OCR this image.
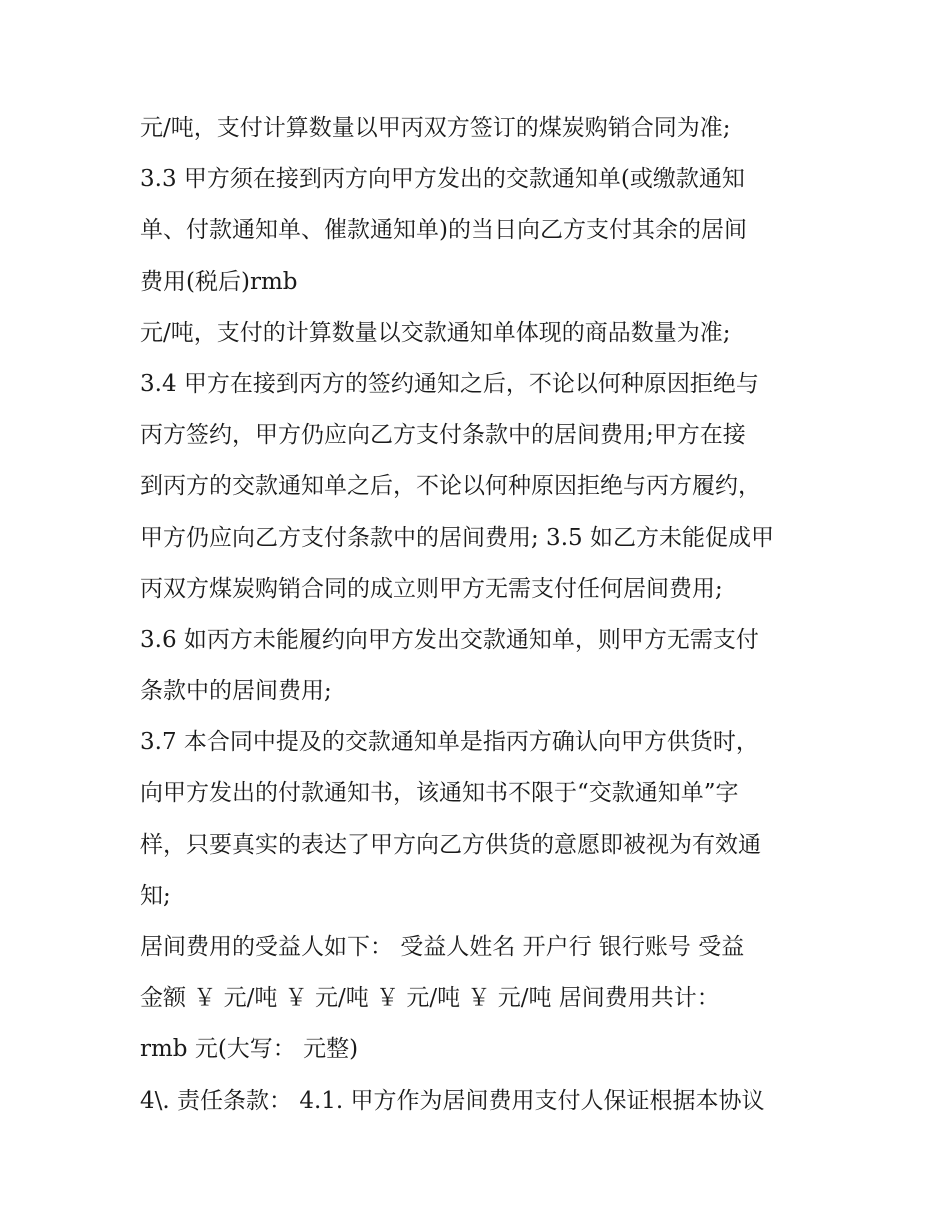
元/吨，支付计算数量以甲丙双方签订的煤炭购销合同为准;
3.3 甲方须在接到丙方向甲方发出的交款通知单(或缴款通知
单、付款通知单、催款通知单)的当日向乙方支付其余的居间
费用(税后)rmb
元/吨，支付的计算数量以交款通知单体现的商品数量为准;
3.4 甲方在接到丙方的签约通知之后，不论以何种原因拒绝与
丙方签约，甲方仍应向乙方支付条款中的居间费用;甲方在接
到丙方的交款通知单之后，不论以何种原因拒绝与丙方履约，
甲方仍应向乙方支付条款中的居间费用; 3.5 如乙方未能促成甲
丙双方煤炭购销合同的成立则甲方无需支付任何居间费用;
3.6 如丙方未能履约向甲方发出交款通知单，则甲方无需支付
条款中的居间费用;
3.7 本合同中提及的交款通知单是指丙方确认向甲方供货时，
向甲方发出的付款通知书，该通知书不限于“交款通知单”字
样，只要真实的表达了甲方向乙方供货的意愿即被视为有效通
知;
居间费用的受益人如下： 受益人姓名 开户行 银行账号 受益
金额 ￥ 元/吨 ￥ 元/吨 ￥ 元/吨 ￥ 元/吨 居间费用共计：
rmb 元(大写： 元整)
4\. 责任条款： 4.1. 甲方作为居间费用支付人保证根据本协议
